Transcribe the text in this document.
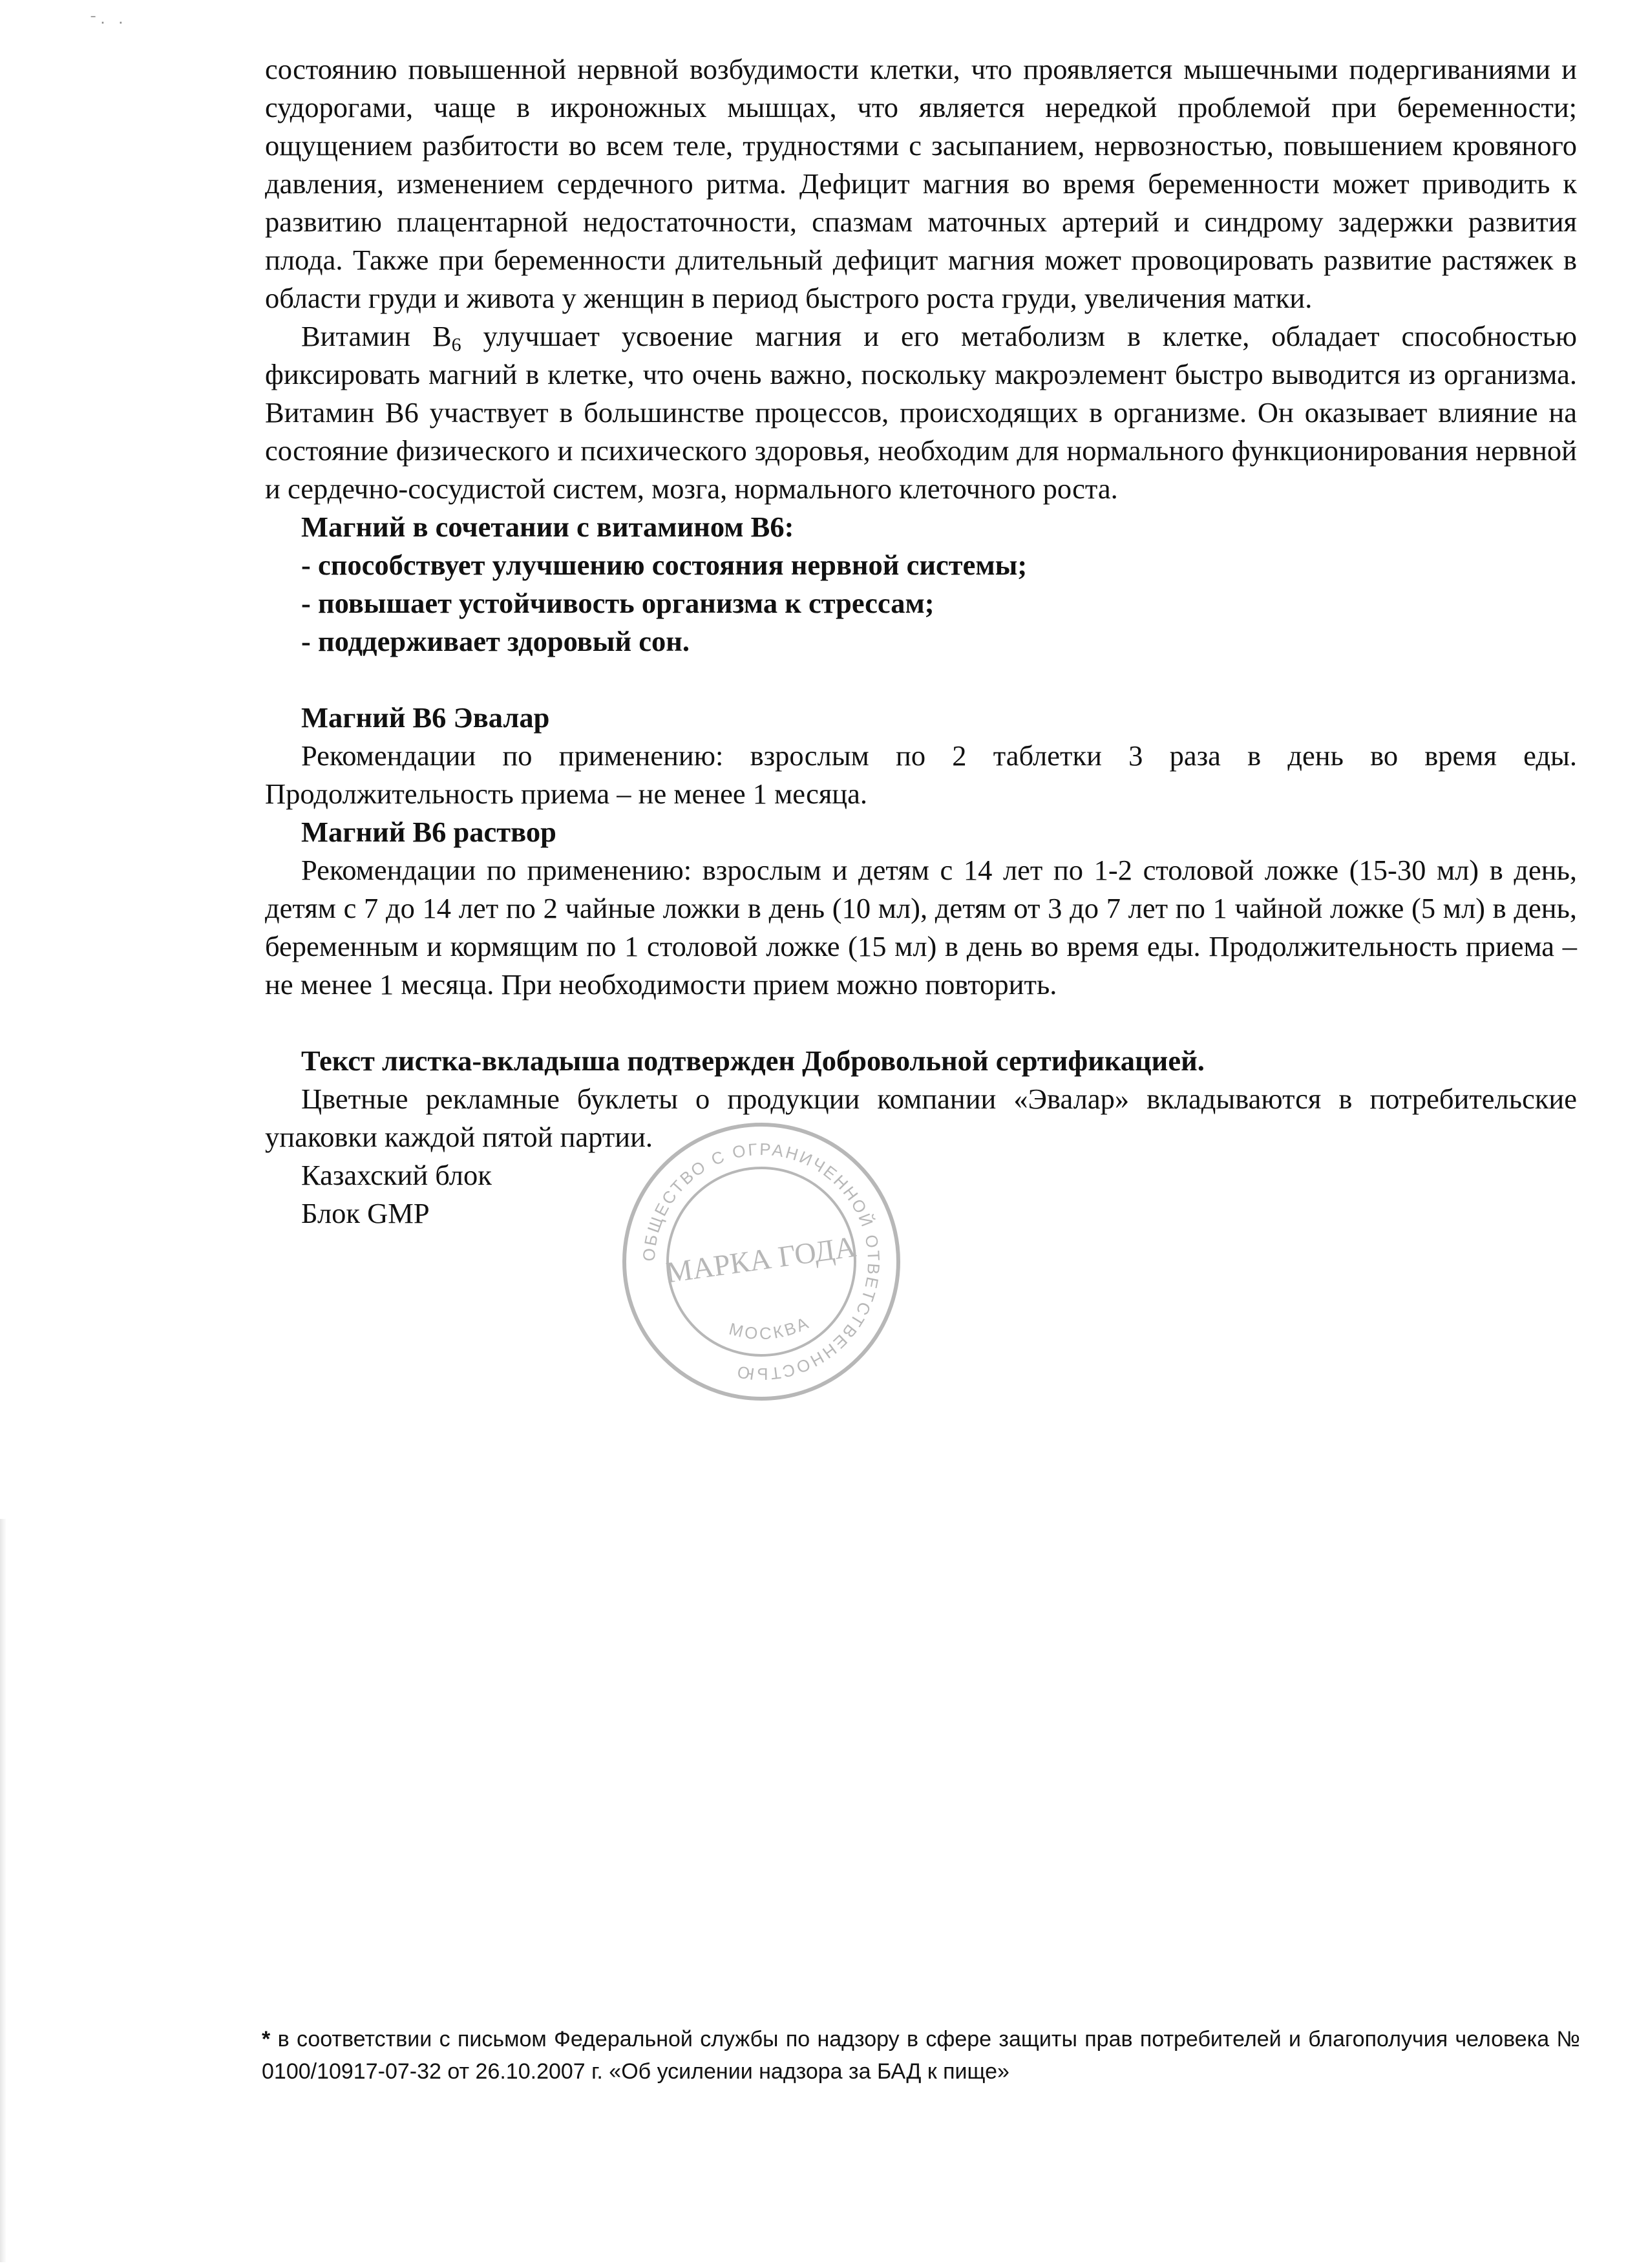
ˉ· ·

состоянию повышенной нервной возбудимости клетки, что проявляется мышечными подергиваниями и судорогами, чаще в икроножных мышцах, что является нередкой проблемой при беременности; ощущением разбитости во всем теле, трудностями с засыпанием, нервозностью, повышением кровяного давления, изменением сердечного ритма. Дефицит магния во время беременности может приводить к развитию плацентарной недостаточности, спазмам маточных артерий и синдрому задержки развития плода. Также при беременности длительный дефицит магния может провоцировать развитие растяжек в области груди и живота у женщин в период быстрого роста груди, увеличения матки.

Витамин $B_6$ улучшает усвоение магния и его метаболизм в клетке, обладает способностью фиксировать магний в клетке, что очень важно, поскольку макроэлемент быстро выводится из организма. Витамин B6 участвует в большинстве процессов, происходящих в организме. Он оказывает влияние на состояние физического и психического здоровья, необходим для нормального функционирования нервной и сердечно-сосудистой систем, мозга, нормального клеточного роста.

Магний в сочетании с витамином В6:

- способствует улучшению состояния нервной системы;

- повышает устойчивость организма к стрессам;

- поддерживает здоровый сон.

Магний В6 Эвалар

Рекомендации по применению: взрослым по 2 таблетки 3 раза в день во время еды. Продолжительность приема – не менее 1 месяца.

Магний В6 раствор

Рекомендации по применению: взрослым и детям с 14 лет по 1-2 столовой ложке (15-30 мл) в день, детям с 7 до 14 лет по 2 чайные ложки в день (10 мл), детям от 3 до 7 лет по 1 чайной ложке (5 мл) в день, беременным и кормящим по 1 столовой ложке (15 мл) в день во время еды. Продолжительность приема – не менее 1 месяца. При необходимости прием можно повторить.

Текст листка-вкладыша подтвержден Добровольной сертификацией.

Цветные рекламные буклеты о продукции компании «Эвалар» вкладываются в потребительские упаковки каждой пятой партии.

Казахский блок

Блок GMP

ОБЩЕСТВО С ОГРАНИЧЕННОЙ ОТВЕТСТВЕННОСТЬЮ
МАРКА ГОДА
МОСКВА
* в соответствии с письмом Федеральной службы по надзору в сфере защиты прав потребителей и благополучия человека № 0100/10917-07-32 от 26.10.2007 г. «Об усилении надзора за БАД к пище»
